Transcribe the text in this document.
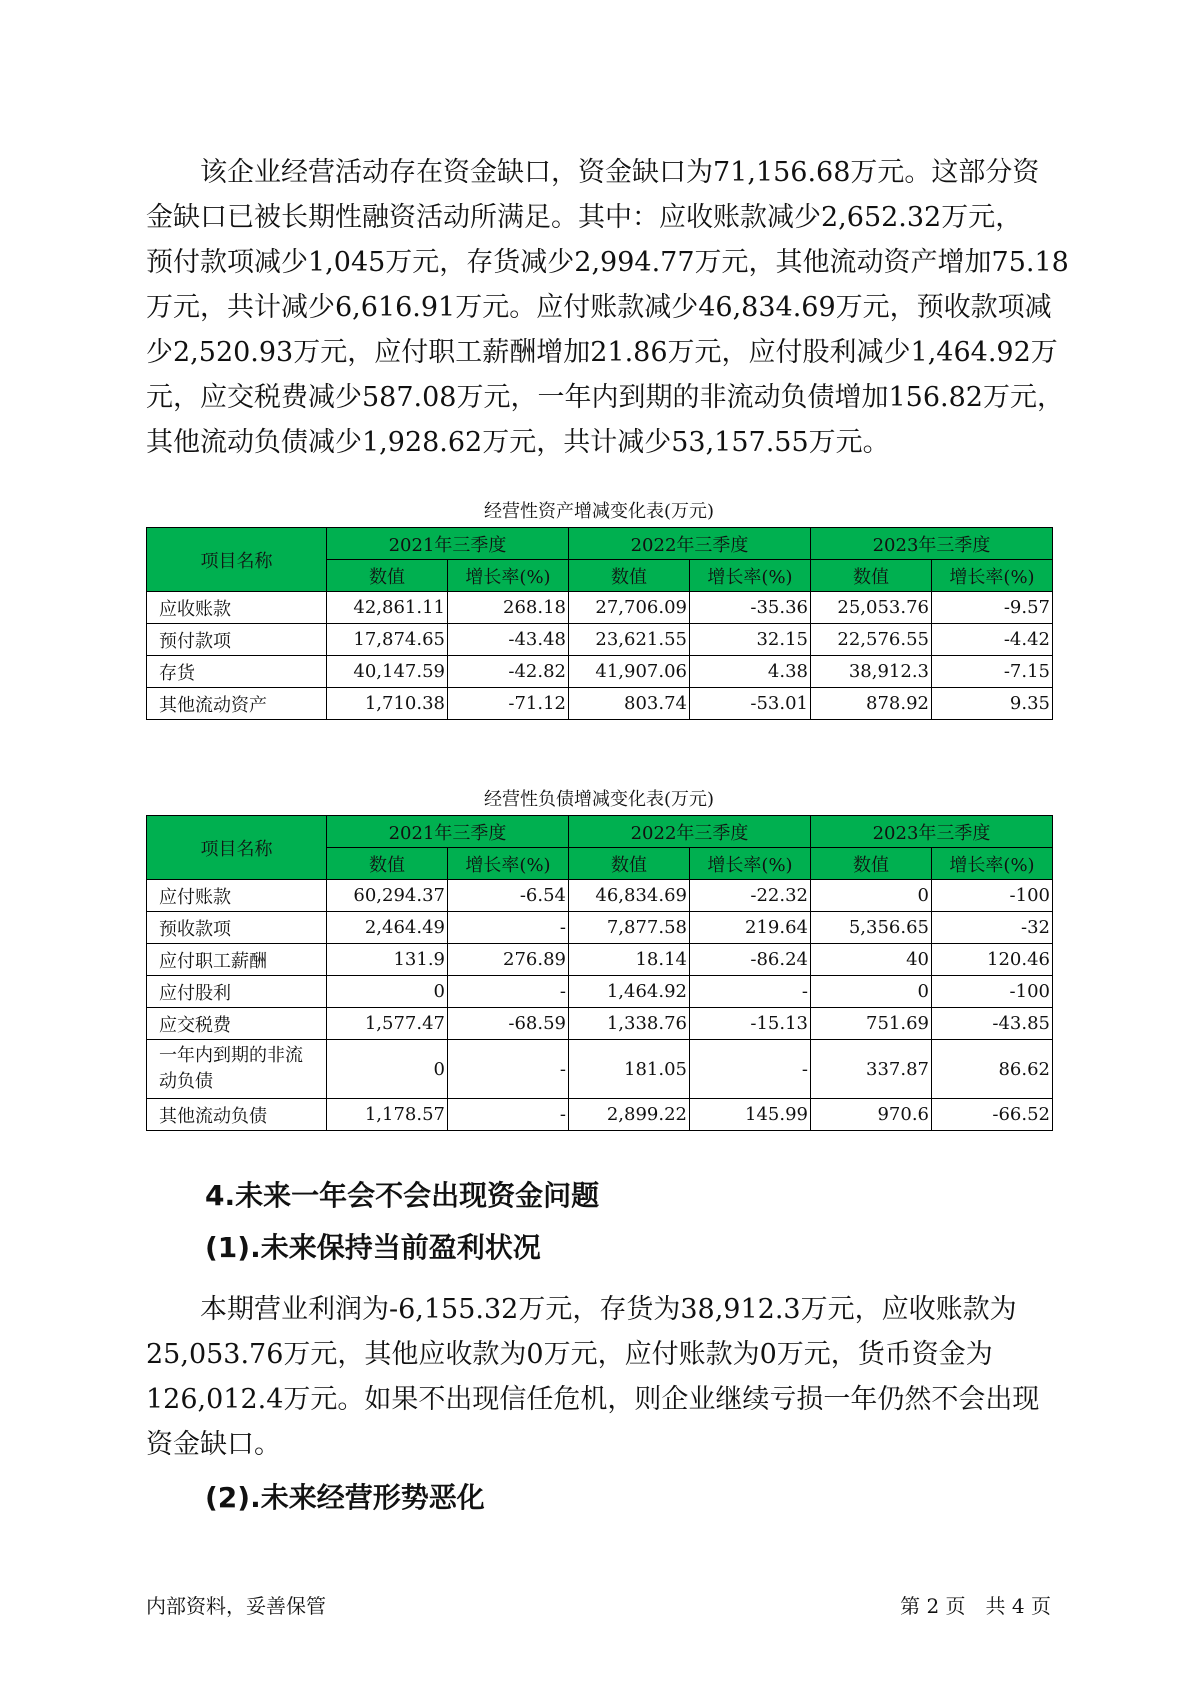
该企业经营活动存在资金缺口，资金缺口为71,156.68万元。这部分资
金缺口已被长期性融资活动所满足。其中：应收账款减少2,652.32万元，
预付款项减少1,045万元，存货减少2,994.77万元，其他流动资产增加75.18
万元，共计减少6,616.91万元。应付账款减少46,834.69万元，预收款项减
少2,520.93万元，应付职工薪酬增加21.86万元，应付股利减少1,464.92万
元，应交税费减少587.08万元，一年内到期的非流动负债增加156.82万元，
其他流动负债减少1,928.62万元，共计减少53,157.55万元。
经营性资产增减变化表(万元)
项目名称	2021年三季度		2022年三季度		2023年三季度	
	数值	增长率(%)	数值	增长率(%)	数值	增长率(%)
应收账款	42,861.11	268.18	27,706.09	-35.36	25,053.76	-9.57
预付款项	17,874.65	-43.48	23,621.55	32.15	22,576.55	-4.42
存货	40,147.59	-42.82	41,907.06	4.38	38,912.3	-7.15
其他流动资产	1,710.38	-71.12	803.74	-53.01	878.92	9.35
经营性负债增减变化表(万元)
项目名称	2021年三季度		2022年三季度		2023年三季度	
	数值	增长率(%)	数值	增长率(%)	数值	增长率(%)
应付账款	60,294.37	-6.54	46,834.69	-22.32	0	-100
预收款项	2,464.49	-	7,877.58	219.64	5,356.65	-32
应付职工薪酬	131.9	276.89	18.14	-86.24	40	120.46
应付股利	0	-	1,464.92	-	0	-100
应交税费	1,577.47	-68.59	1,338.76	-15.13	751.69	-43.85
一年内到期的非流
动负债	0	-	181.05	-	337.87	86.62
其他流动负债	1,178.57	-	2,899.22	145.99	970.6	-66.52
4.未来一年会不会出现资金问题
(1).未来保持当前盈利状况
本期营业利润为-6,155.32万元，存货为38,912.3万元，应收账款为
25,053.76万元，其他应收款为0万元，应付账款为0万元，货币资金为
126,012.4万元。如果不出现信任危机，则企业继续亏损一年仍然不会出现
资金缺口。
(2).未来经营形势恶化
内部资料，妥善保管	第 2 页　共 4 页
